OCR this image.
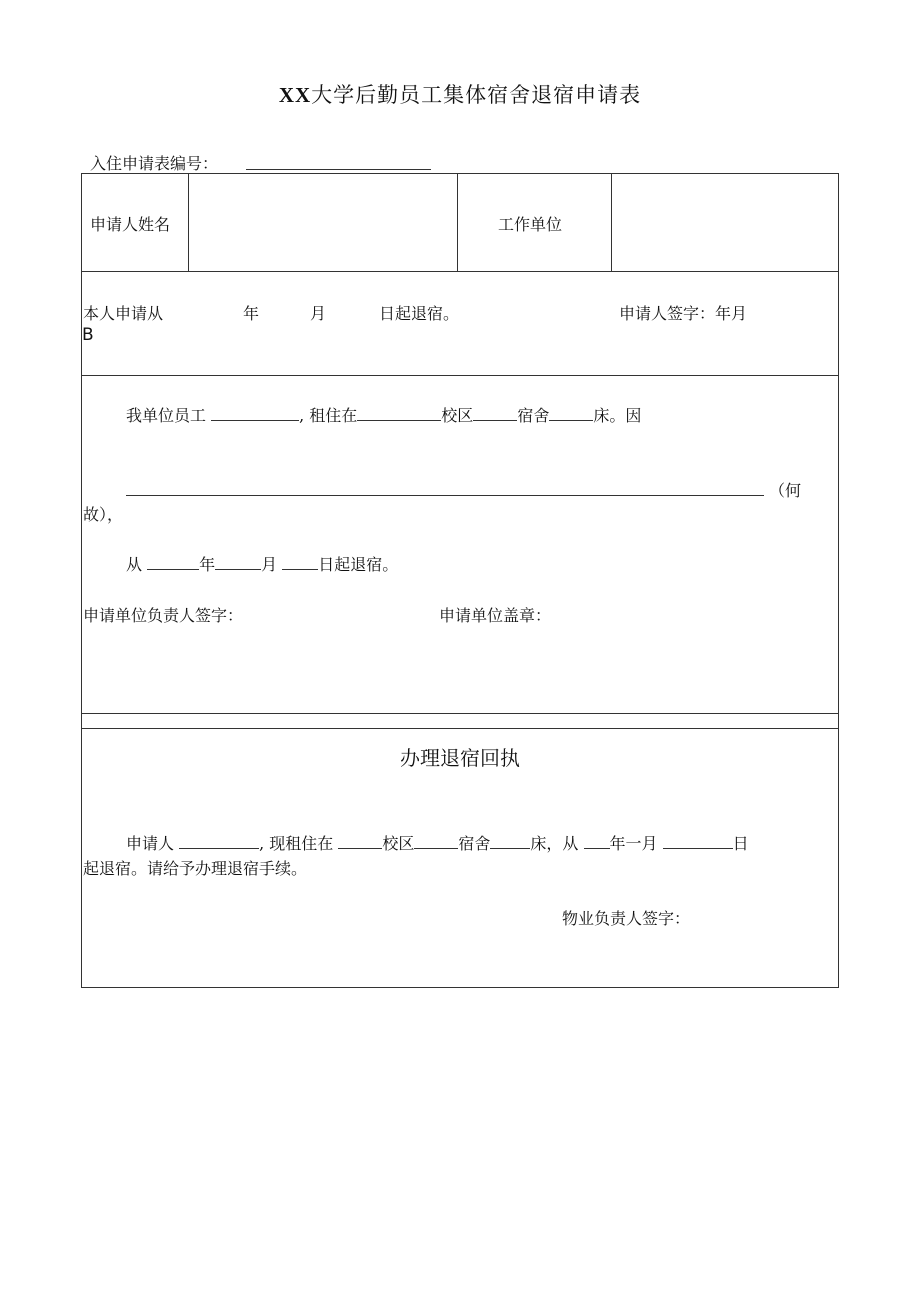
XX大学后勤员工集体宿舍退宿申请表
入住申请表编号：
申请人姓名	工作单位
本人申请从	年	月	日起退宿。	申请人签字：年月
B
我单位员工	, 租住在	校区	宿舍	床。因
（何
故），
从	年	月	日起退宿。
申请单位负责人签字：	申请单位盖章：
办理退宿回执
申请人	, 现租住在	校区	宿舍	床，从 年一月	日
起退宿。请给予办理退宿手续。
物业负责人签字：
